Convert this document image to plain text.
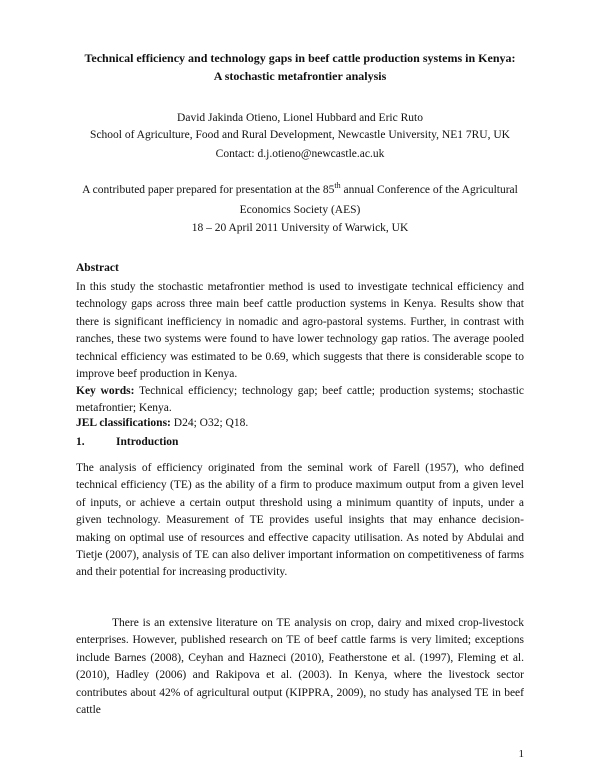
Technical efficiency and technology gaps in beef cattle production systems in Kenya:
A stochastic metafrontier analysis
David Jakinda Otieno, Lionel Hubbard and Eric Ruto
School of Agriculture, Food and Rural Development, Newcastle University, NE1 7RU, UK
Contact: d.j.otieno@newcastle.ac.uk
A contributed paper prepared for presentation at the 85th annual Conference of the Agricultural
Economics Society (AES)
18 – 20 April 2011 University of Warwick, UK
Abstract
In this study the stochastic metafrontier method is used to investigate technical efficiency and technology gaps across three main beef cattle production systems in Kenya. Results show that there is significant inefficiency in nomadic and agro-pastoral systems. Further, in contrast with ranches, these two systems were found to have lower technology gap ratios. The average pooled technical efficiency was estimated to be 0.69, which suggests that there is considerable scope to improve beef production in Kenya.
Key words: Technical efficiency; technology gap; beef cattle; production systems; stochastic metafrontier; Kenya.
JEL classifications: D24; O32; Q18.
1.	Introduction
The analysis of efficiency originated from the seminal work of Farell (1957), who defined technical efficiency (TE) as the ability of a firm to produce maximum output from a given level of inputs, or achieve a certain output threshold using a minimum quantity of inputs, under a given technology. Measurement of TE provides useful insights that may enhance decision-making on optimal use of resources and effective capacity utilisation. As noted by Abdulai and Tietje (2007), analysis of TE can also deliver important information on competitiveness of farms and their potential for increasing productivity.
There is an extensive literature on TE analysis on crop, dairy and mixed crop-livestock enterprises. However, published research on TE of beef cattle farms is very limited; exceptions include Barnes (2008), Ceyhan and Hazneci (2010), Featherstone et al. (1997), Fleming et al. (2010), Hadley (2006) and Rakipova et al. (2003). In Kenya, where the livestock sector contributes about 42% of agricultural output (KIPPRA, 2009), no study has analysed TE in beef cattle
1
